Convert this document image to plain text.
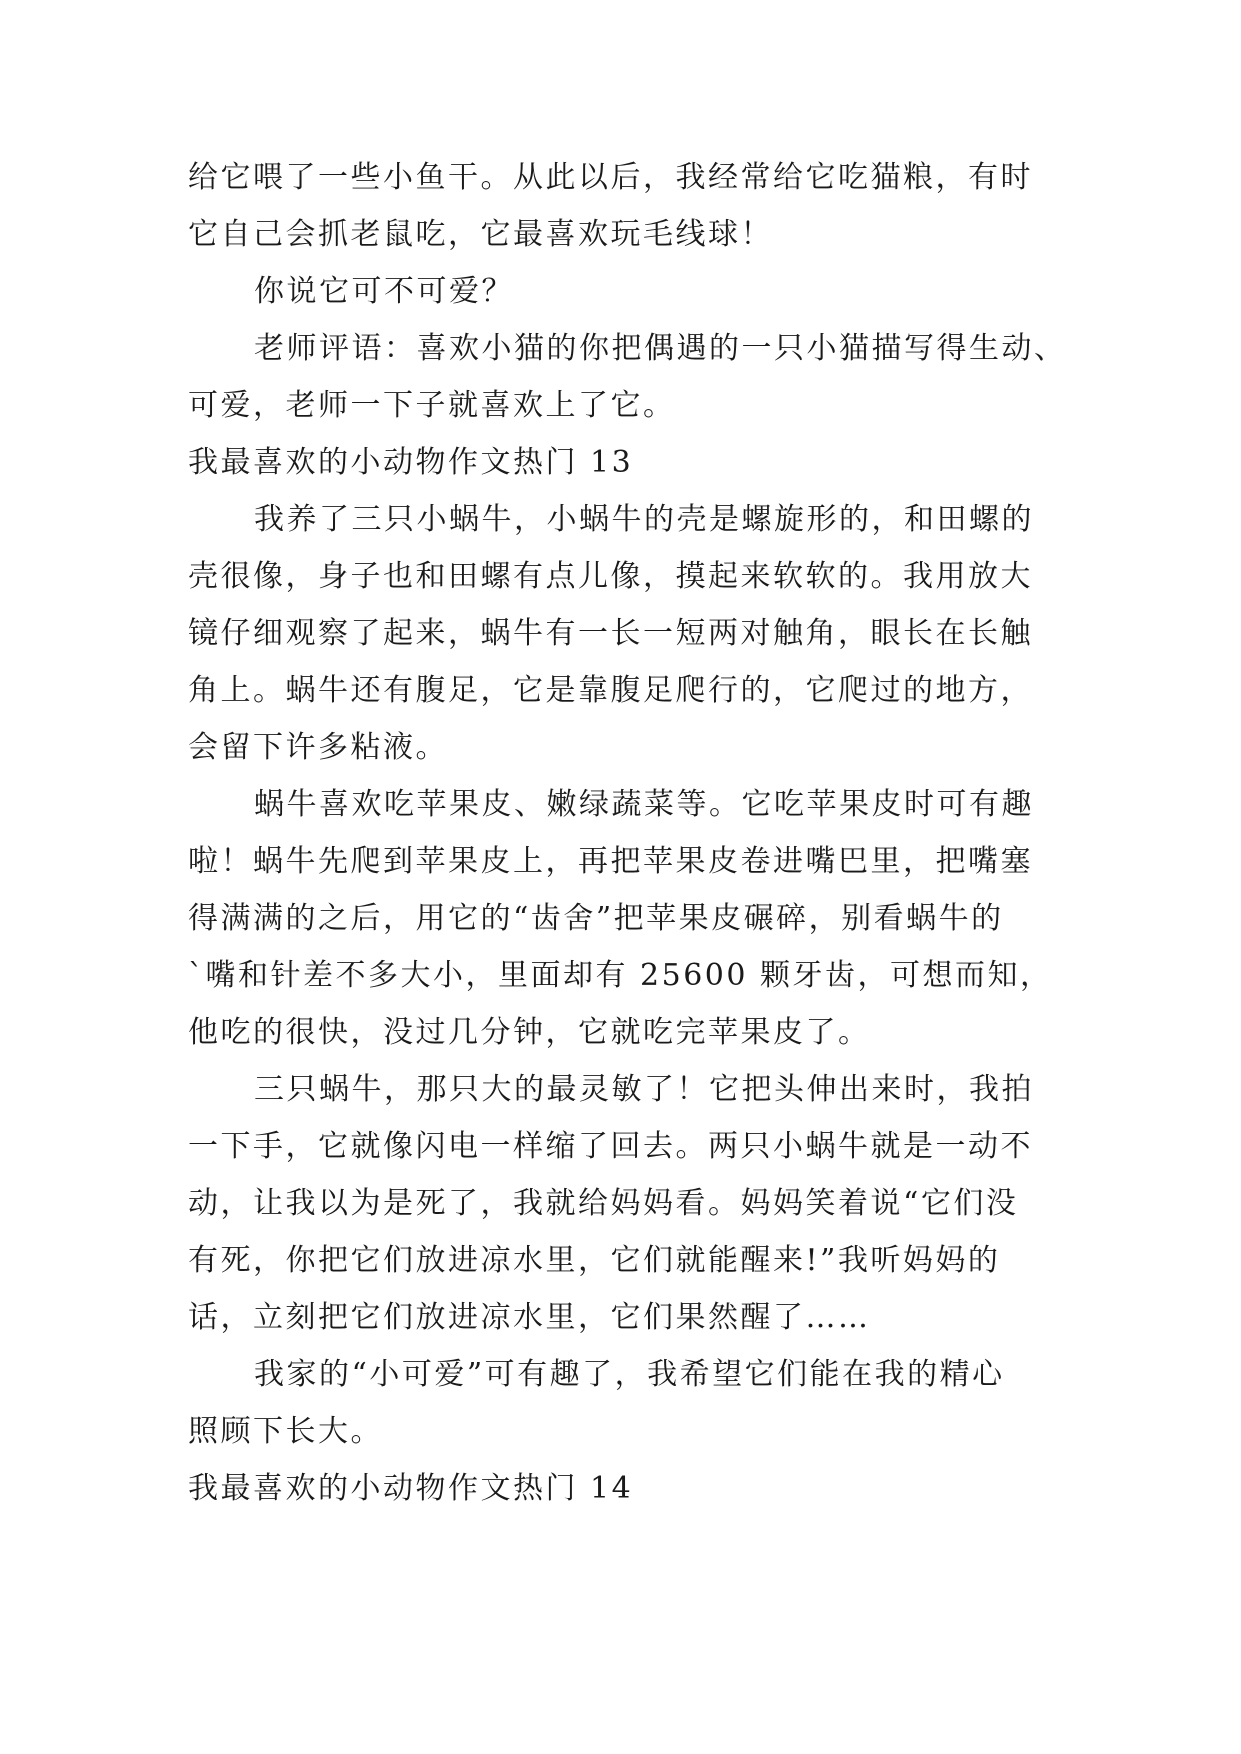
给它喂了一些小鱼干。从此以后，我经常给它吃猫粮，有时
它自己会抓老鼠吃，它最喜欢玩毛线球！
你说它可不可爱？
老师评语：喜欢小猫的你把偶遇的一只小猫描写得生动、
可爱，老师一下子就喜欢上了它。
我最喜欢的小动物作文热门 13
我养了三只小蜗牛，小蜗牛的壳是螺旋形的，和田螺的
壳很像，身子也和田螺有点儿像，摸起来软软的。我用放大
镜仔细观察了起来，蜗牛有一长一短两对触角，眼长在长触
角上。蜗牛还有腹足，它是靠腹足爬行的，它爬过的地方，
会留下许多粘液。
蜗牛喜欢吃苹果皮、嫩绿蔬菜等。它吃苹果皮时可有趣
啦！蜗牛先爬到苹果皮上，再把苹果皮卷进嘴巴里，把嘴塞
得满满的之后，用它的“齿舍”把苹果皮碾碎，别看蜗牛的
`嘴和针差不多大小，里面却有 25600 颗牙齿，可想而知，
他吃的很快，没过几分钟，它就吃完苹果皮了。
三只蜗牛，那只大的最灵敏了！它把头伸出来时，我拍
一下手，它就像闪电一样缩了回去。两只小蜗牛就是一动不
动，让我以为是死了，我就给妈妈看。妈妈笑着说“它们没
有死，你把它们放进凉水里，它们就能醒来!”我听妈妈的
话，立刻把它们放进凉水里，它们果然醒了……
我家的“小可爱”可有趣了，我希望它们能在我的精心
照顾下长大。
我最喜欢的小动物作文热门 14
